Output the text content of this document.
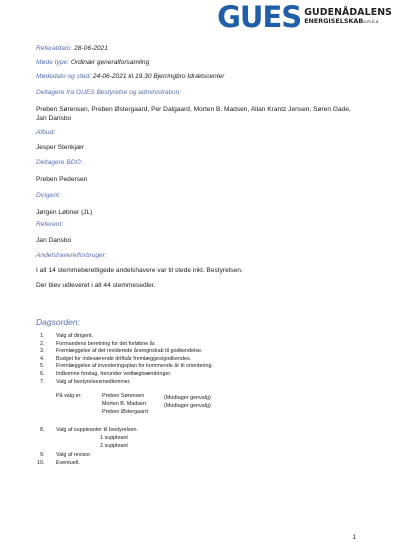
GUES GUDENÅDALENS
ENERGISELSKABa.m.b.a
Referatdato: 28-06-2021
Møde type: Ordinær generalforsamling
Mødedato og sted: 24-06-2021 kl.19.30 Bjerringbro Idrætscenter
Deltagere fra GUES Bestyrelse og administration:
Preben Sørensen, Preben Østergaard, Per Dalgaard, Morten B. Madsen, Allan Krantz Jensen, Søren Gade,
Jan Dansbo
Afbud:
Jesper Stenkjær
Deltagere BDO:
Preben Pedersen
Dirigent:
Jørgen Løbner (JL)
Referent:
Jan Dansbo
Andelshavere/forbruger:
I alt 14 stemmeberettigede andelshavere var til stede inkl. Bestyrelsen.
Der blev udleveret i alt 44 stemmesedler.
Dagsorden:
1.	Valg af dirigent.
2.	Formandens beretning for det forløbne år.
3.	Fremlæggelse af det reviderede årsregnskab til godkendelse.
4.	Budget for indeværende driftsår fremlægges/godkendes.
5.	Fremlæggelse af investeringsplan for kommende år til orientering.
6.	Indkomne forslag, herunder vedtægtsændringer.
7.	Valg af bestyrelsesmedlemmer.
På valg er:	Preben Sørensen	(Modtager genvalg)
Morten B. Madsen	(Modtager genvalg)
Preben Østergaard
8. Valg af suppleanter til bestyrelsen.
1.suppleant
2.suppleant
9. Valg af revisor.
10. Eventuelt.
1
